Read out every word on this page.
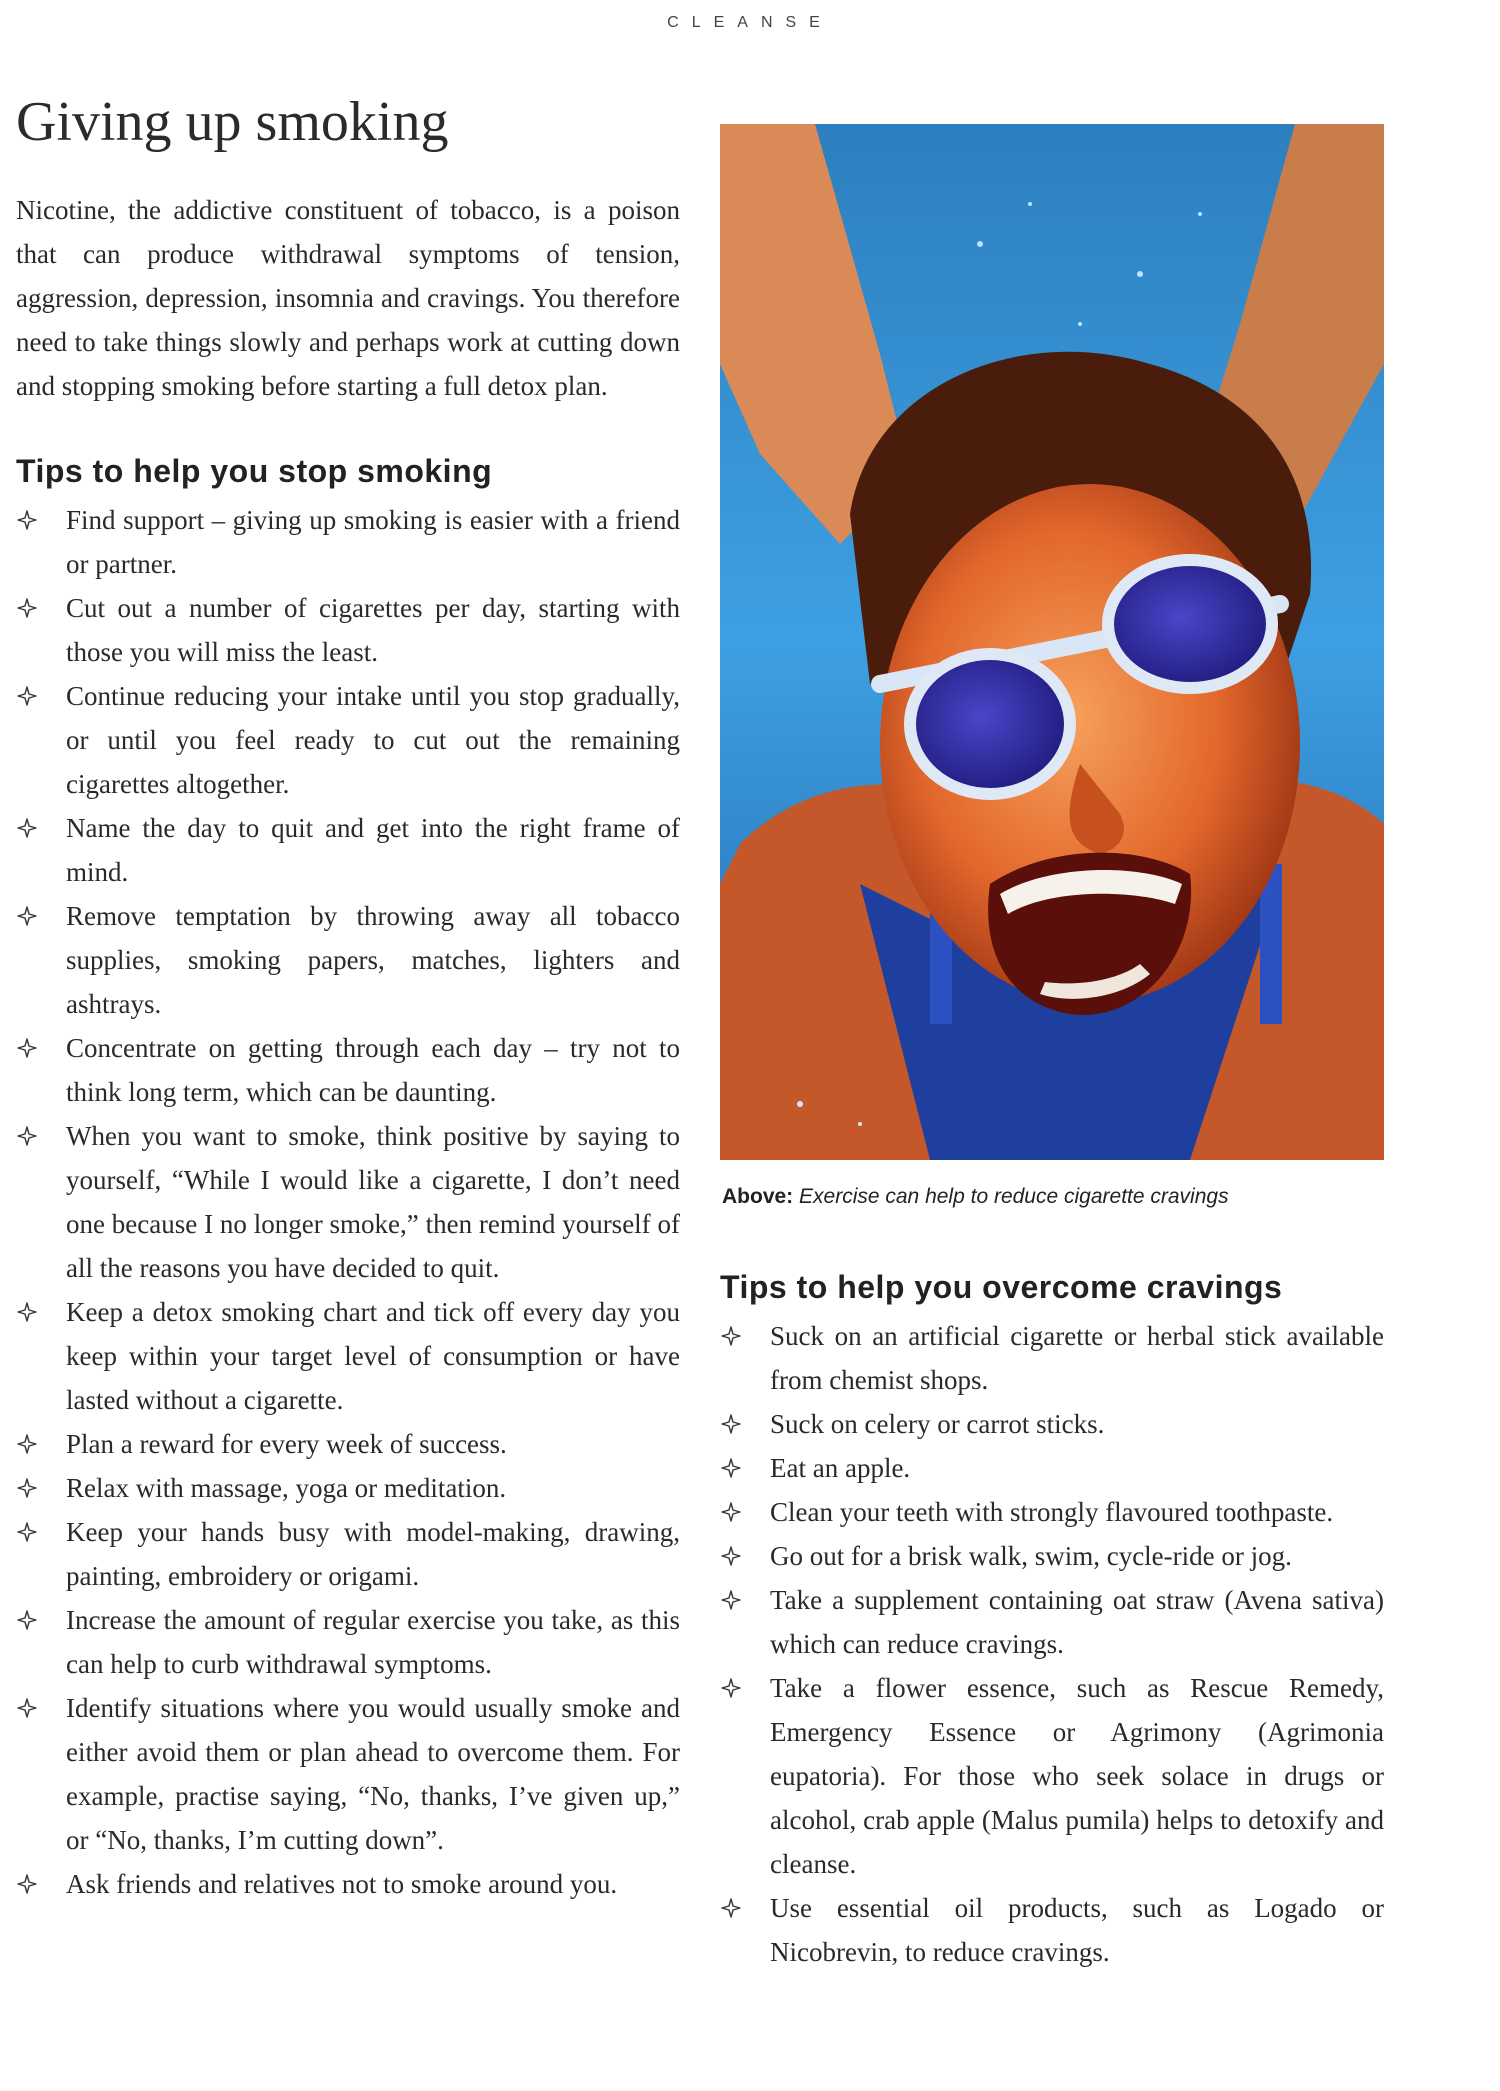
CLEANSE
Giving up smoking

Nicotine, the addictive constituent of tobacco, is a poison that can produce withdrawal symptoms of tension, aggression, depression, insomnia and cravings. You therefore need to take things slowly and perhaps work at cutting down and stopping smoking before starting a full detox plan.

Tips to help you stop smoking
Find support – giving up smoking is easier with a friend or partner.
Cut out a number of cigarettes per day, starting with those you will miss the least.
Continue reducing your intake until you stop gradually, or until you feel ready to cut out the remaining cigarettes altogether.
Name the day to quit and get into the right frame of mind.
Remove temptation by throwing away all tobacco supplies, smoking papers, matches, lighters and ashtrays.
Concentrate on getting through each day – try not to think long term, which can be daunting.
When you want to smoke, think positive by saying to yourself, “While I would like a cigarette, I don’t need one because I no longer smoke,” then remind yourself of all the reasons you have decided to quit.
Keep a detox smoking chart and tick off every day you keep within your target level of consumption or have lasted without a cigarette.
Plan a reward for every week of success.
Relax with massage, yoga or meditation.
Keep your hands busy with model-making, drawing, painting, embroidery or origami.
Increase the amount of regular exercise you take, as this can help to curb withdrawal symptoms.
Identify situations where you would usually smoke and either avoid them or plan ahead to overcome them. For example, practise saying, “No, thanks, I’ve given up,” or “No, thanks, I’m cutting down”.
Ask friends and relatives not to smoke around you.
Above: Exercise can help to reduce cigarette cravings
Tips to help you overcome cravings
Suck on an artificial cigarette or herbal stick available from chemist shops.
Suck on celery or carrot sticks.
Eat an apple.
Clean your teeth with strongly flavoured toothpaste.
Go out for a brisk walk, swim, cycle-ride or jog.
Take a supplement containing oat straw (Avena sativa) which can reduce cravings.
Take a flower essence, such as Rescue Remedy, Emergency Essence or Agrimony (Agrimonia eupatoria). For those who seek solace in drugs or alcohol, crab apple (Malus pumila) helps to detoxify and cleanse.
Use essential oil products, such as Logado or Nicobrevin, to reduce cravings.
